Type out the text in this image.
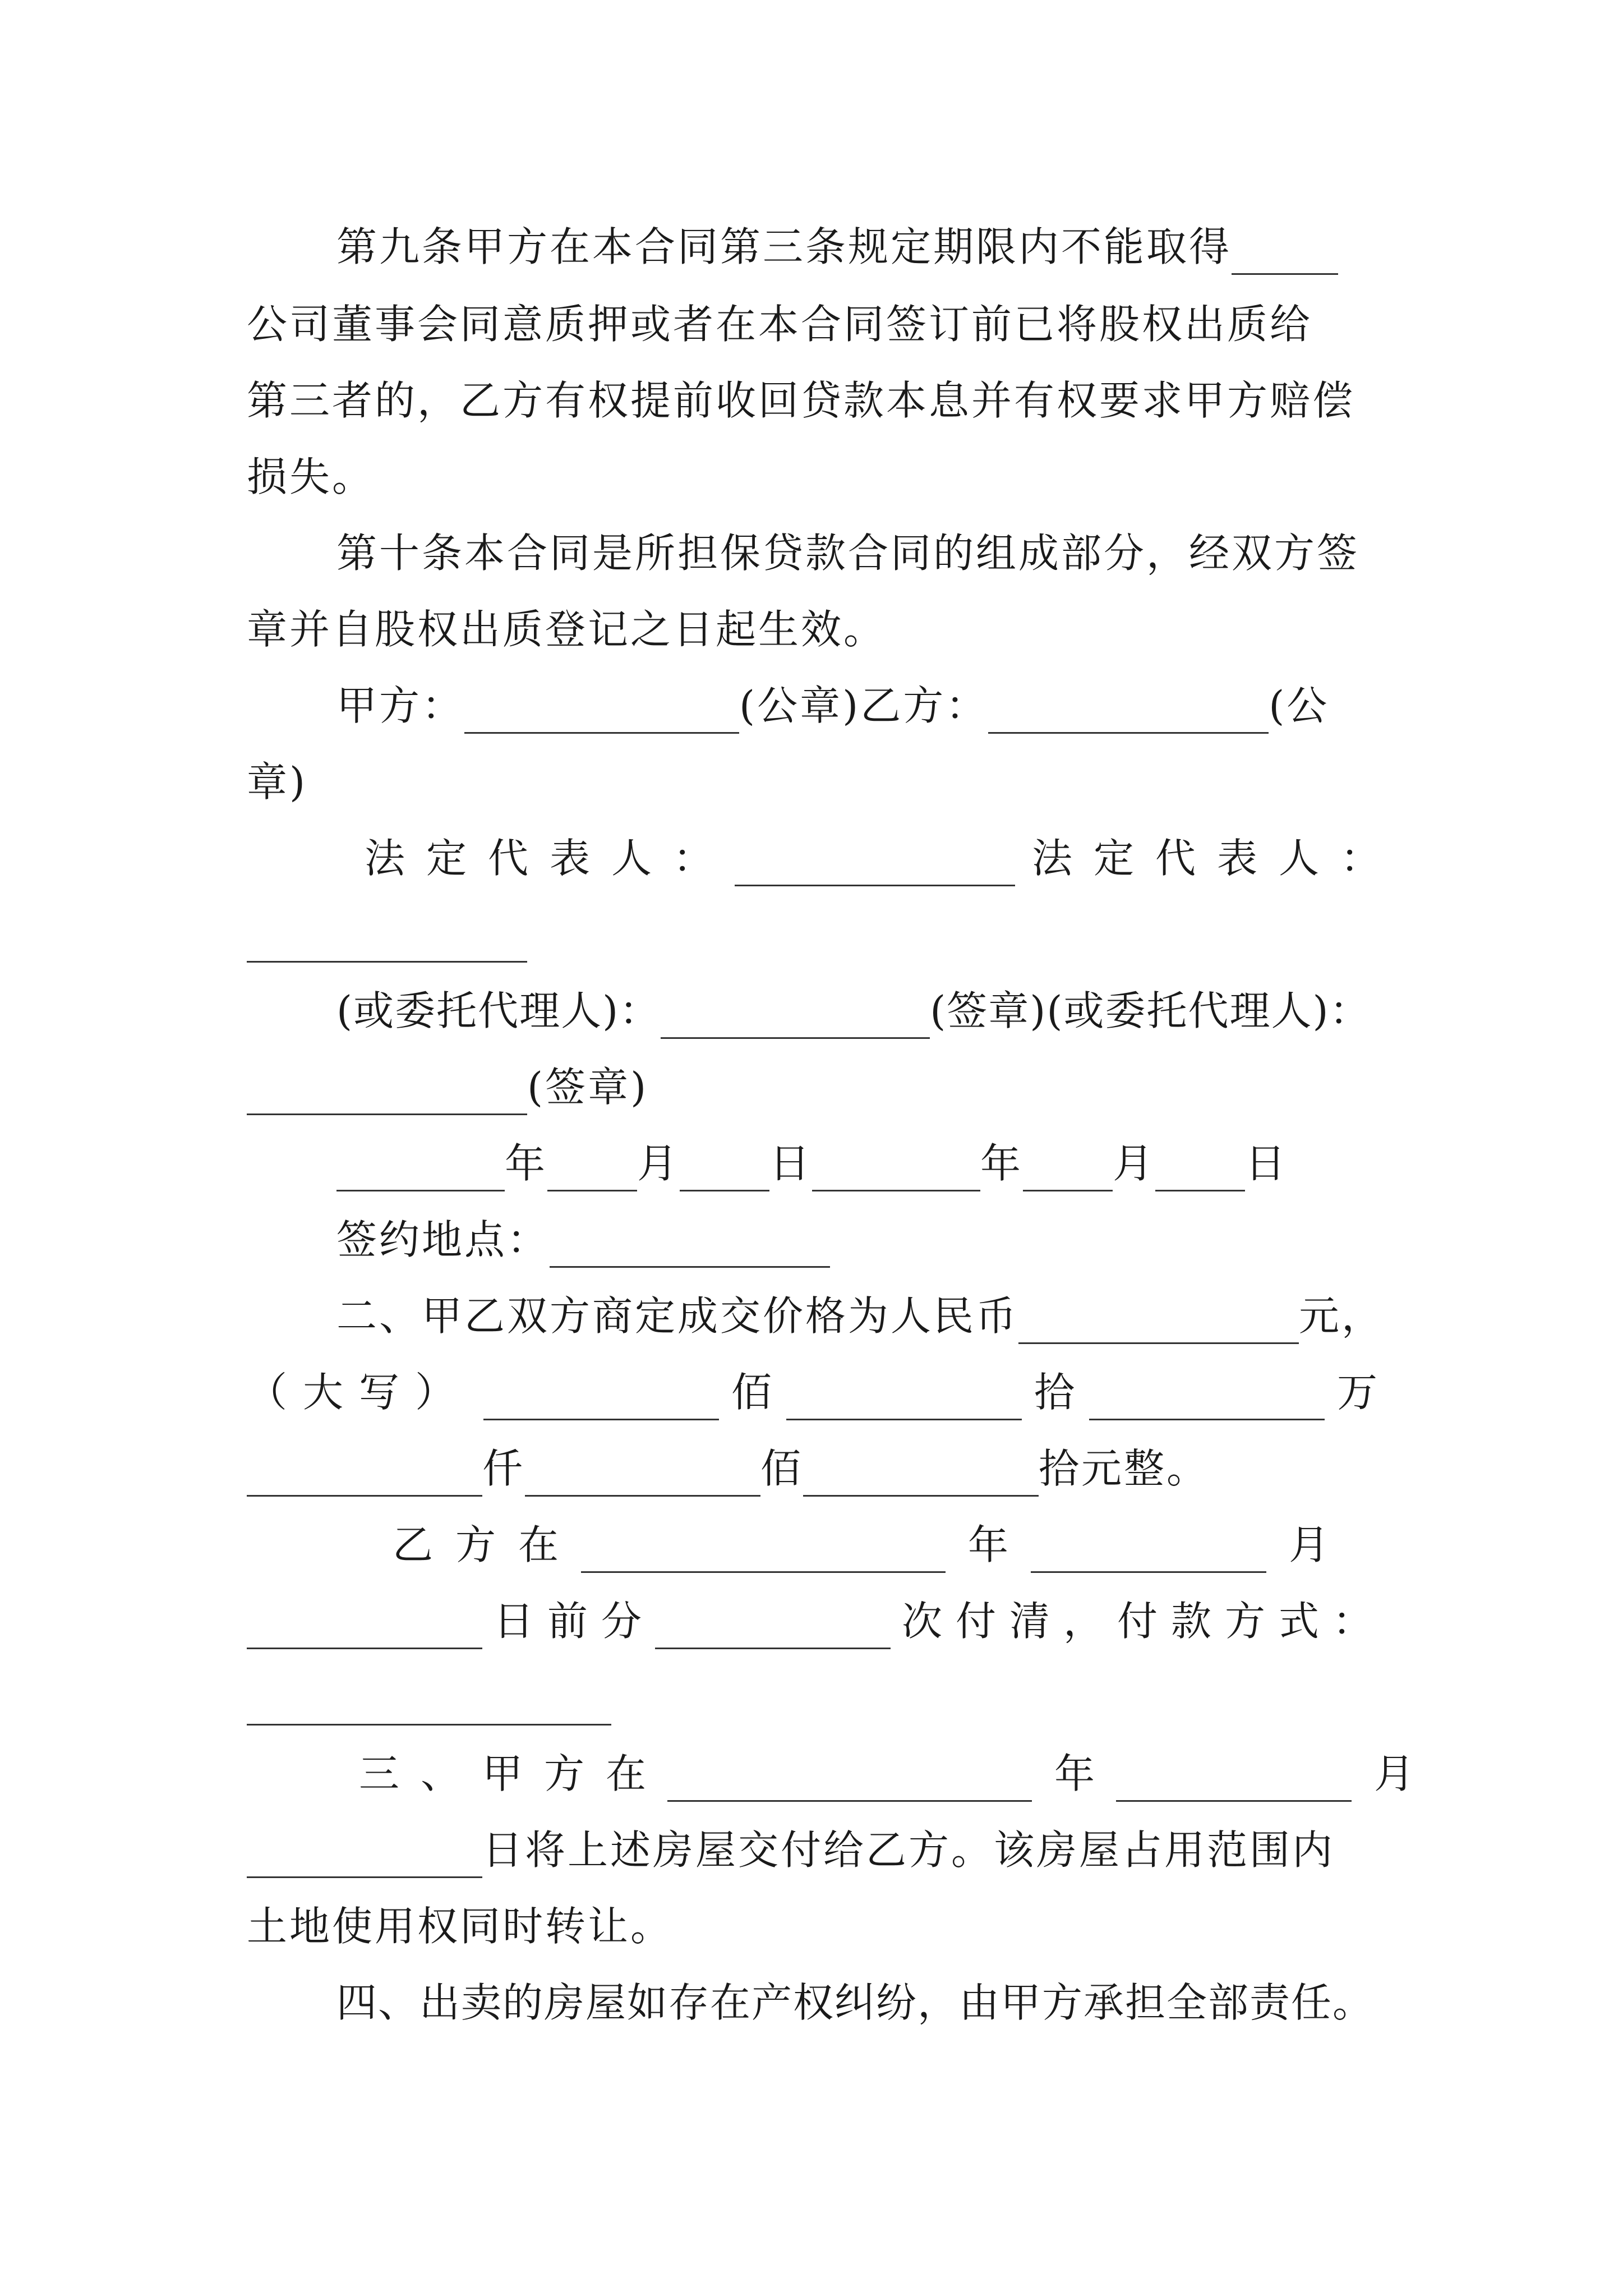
第九条甲方在本合同第三条规定期限内不能取得
公司董事会同意质押或者在本合同签订前已将股权出质给
第三者的，乙方有权提前收回贷款本息并有权要求甲方赔偿
损失。
第十条本合同是所担保贷款合同的组成部分，经双方签
章并自股权出质登记之日起生效。
甲方：	(公章)乙方：	(公
章)
法定代表人：	法定代表人：
(或委托代理人)：	(签章)(或委托代理人)：
(签章)
年 月 日	年 月 日
签约地点：
二、甲乙双方商定成交价格为人民币	元，
（大写）	佰	拾	万
仟	佰	拾元整。
乙方在	年	月
日前分	次付清，付款方式：
三、甲方在	年	月
日将上述房屋交付给乙方。该房屋占用范围内
土地使用权同时转让。
四、出卖的房屋如存在产权纠纷，由甲方承担全部责任。
